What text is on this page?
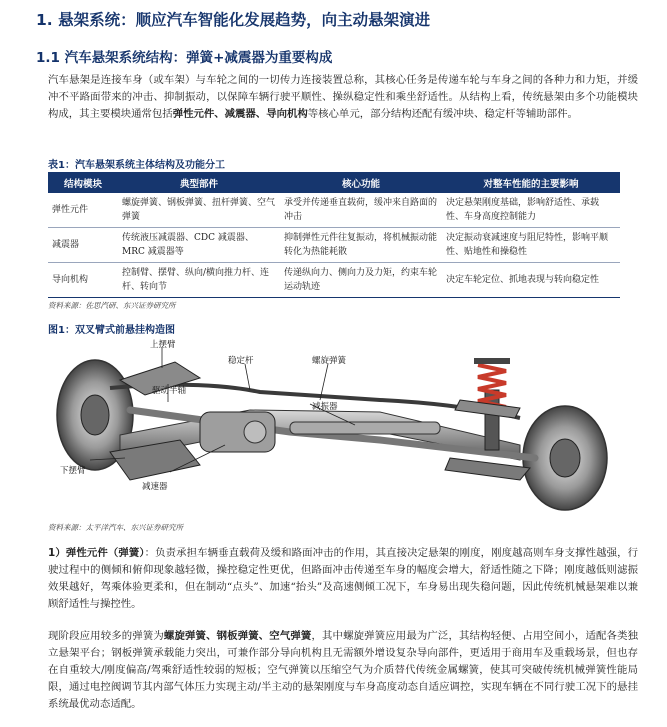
1. 悬架系统：顺应汽车智能化发展趋势，向主动悬架演进
1.1 汽车悬架系统结构：弹簧+减震器为重要构成
汽车悬架是连接车身（或车架）与车轮之间的一切传力连接装置总称，其核心任务是传递车轮与车身之间的各种力和力矩，并缓冲不平路面带来的冲击、抑制振动，以保障车辆行驶平顺性、操纵稳定性和乘坐舒适性。从结构上看，传统悬架由多个功能模块构成，其主要模块通常包括弹性元件、减震器、导向机构等核心单元，部分结构还配有缓冲块、稳定杆等辅助部件。
表1：汽车悬架系统主体结构及功能分工
结构模块	典型部件	核心功能	对整车性能的主要影响
弹性元件	螺旋弹簧、钢板弹簧、扭杆弹簧、空气弹簧	承受并传递垂直载荷，缓冲来自路面的冲击	决定悬架刚度基础，影响舒适性、承载性、车身高度控制能力
减震器	传统液压减震器、CDC 减震器、MRC 减震器等	抑制弹性元件往复振动，将机械振动能转化为热能耗散	决定振动衰减速度与阻尼特性，影响平顺性、贴地性和操稳性
导向机构	控制臂、摆臂、纵向/横向推力杆、连杆、转向节	传递纵向力、侧向力及力矩，约束车轮运动轨迹	决定车轮定位、抓地表现与转向稳定性
资料来源：佐思汽研、东兴证券研究所
图1：双叉臂式前悬挂构造图
上摆臂
稳定杆	螺旋弹簧
驱动半轴
减振器
下摆臂
减速器
资料来源：太平洋汽车、东兴证券研究所
1）弹性元件（弹簧）：负责承担车辆垂直载荷及缓和路面冲击的作用，其直接决定悬架的刚度，刚度越高则车身支撑性越强，行驶过程中的侧倾和俯仰现象越轻微，操控稳定性更优，但路面冲击传递至车身的幅度会增大，舒适性随之下降；刚度越低则滤振效果越好，驾乘体验更柔和，但在制动“点头”、加速“抬头”及高速侧倾工况下，车身易出现失稳问题，因此传统机械悬架难以兼顾舒适性与操控性。
现阶段应用较多的弹簧为螺旋弹簧、钢板弹簧、空气弹簧，其中螺旋弹簧应用最为广泛，其结构轻便、占用空间小，适配各类独立悬架平台；钢板弹簧承载能力突出，可兼作部分导向机构且无需额外增设复杂导向部件，更适用于商用车及重载场景，但也存在自重较大/刚度偏高/驾乘舒适性较弱的短板；空气弹簧以压缩空气为介质替代传统金属螺簧，使其可突破传统机械弹簧性能局限，通过电控阀调节其内部气体压力实现主动/半主动的悬架刚度与车身高度动态自适应调控，实现车辆在不同行驶工况下的悬挂系统最优动态适配。
